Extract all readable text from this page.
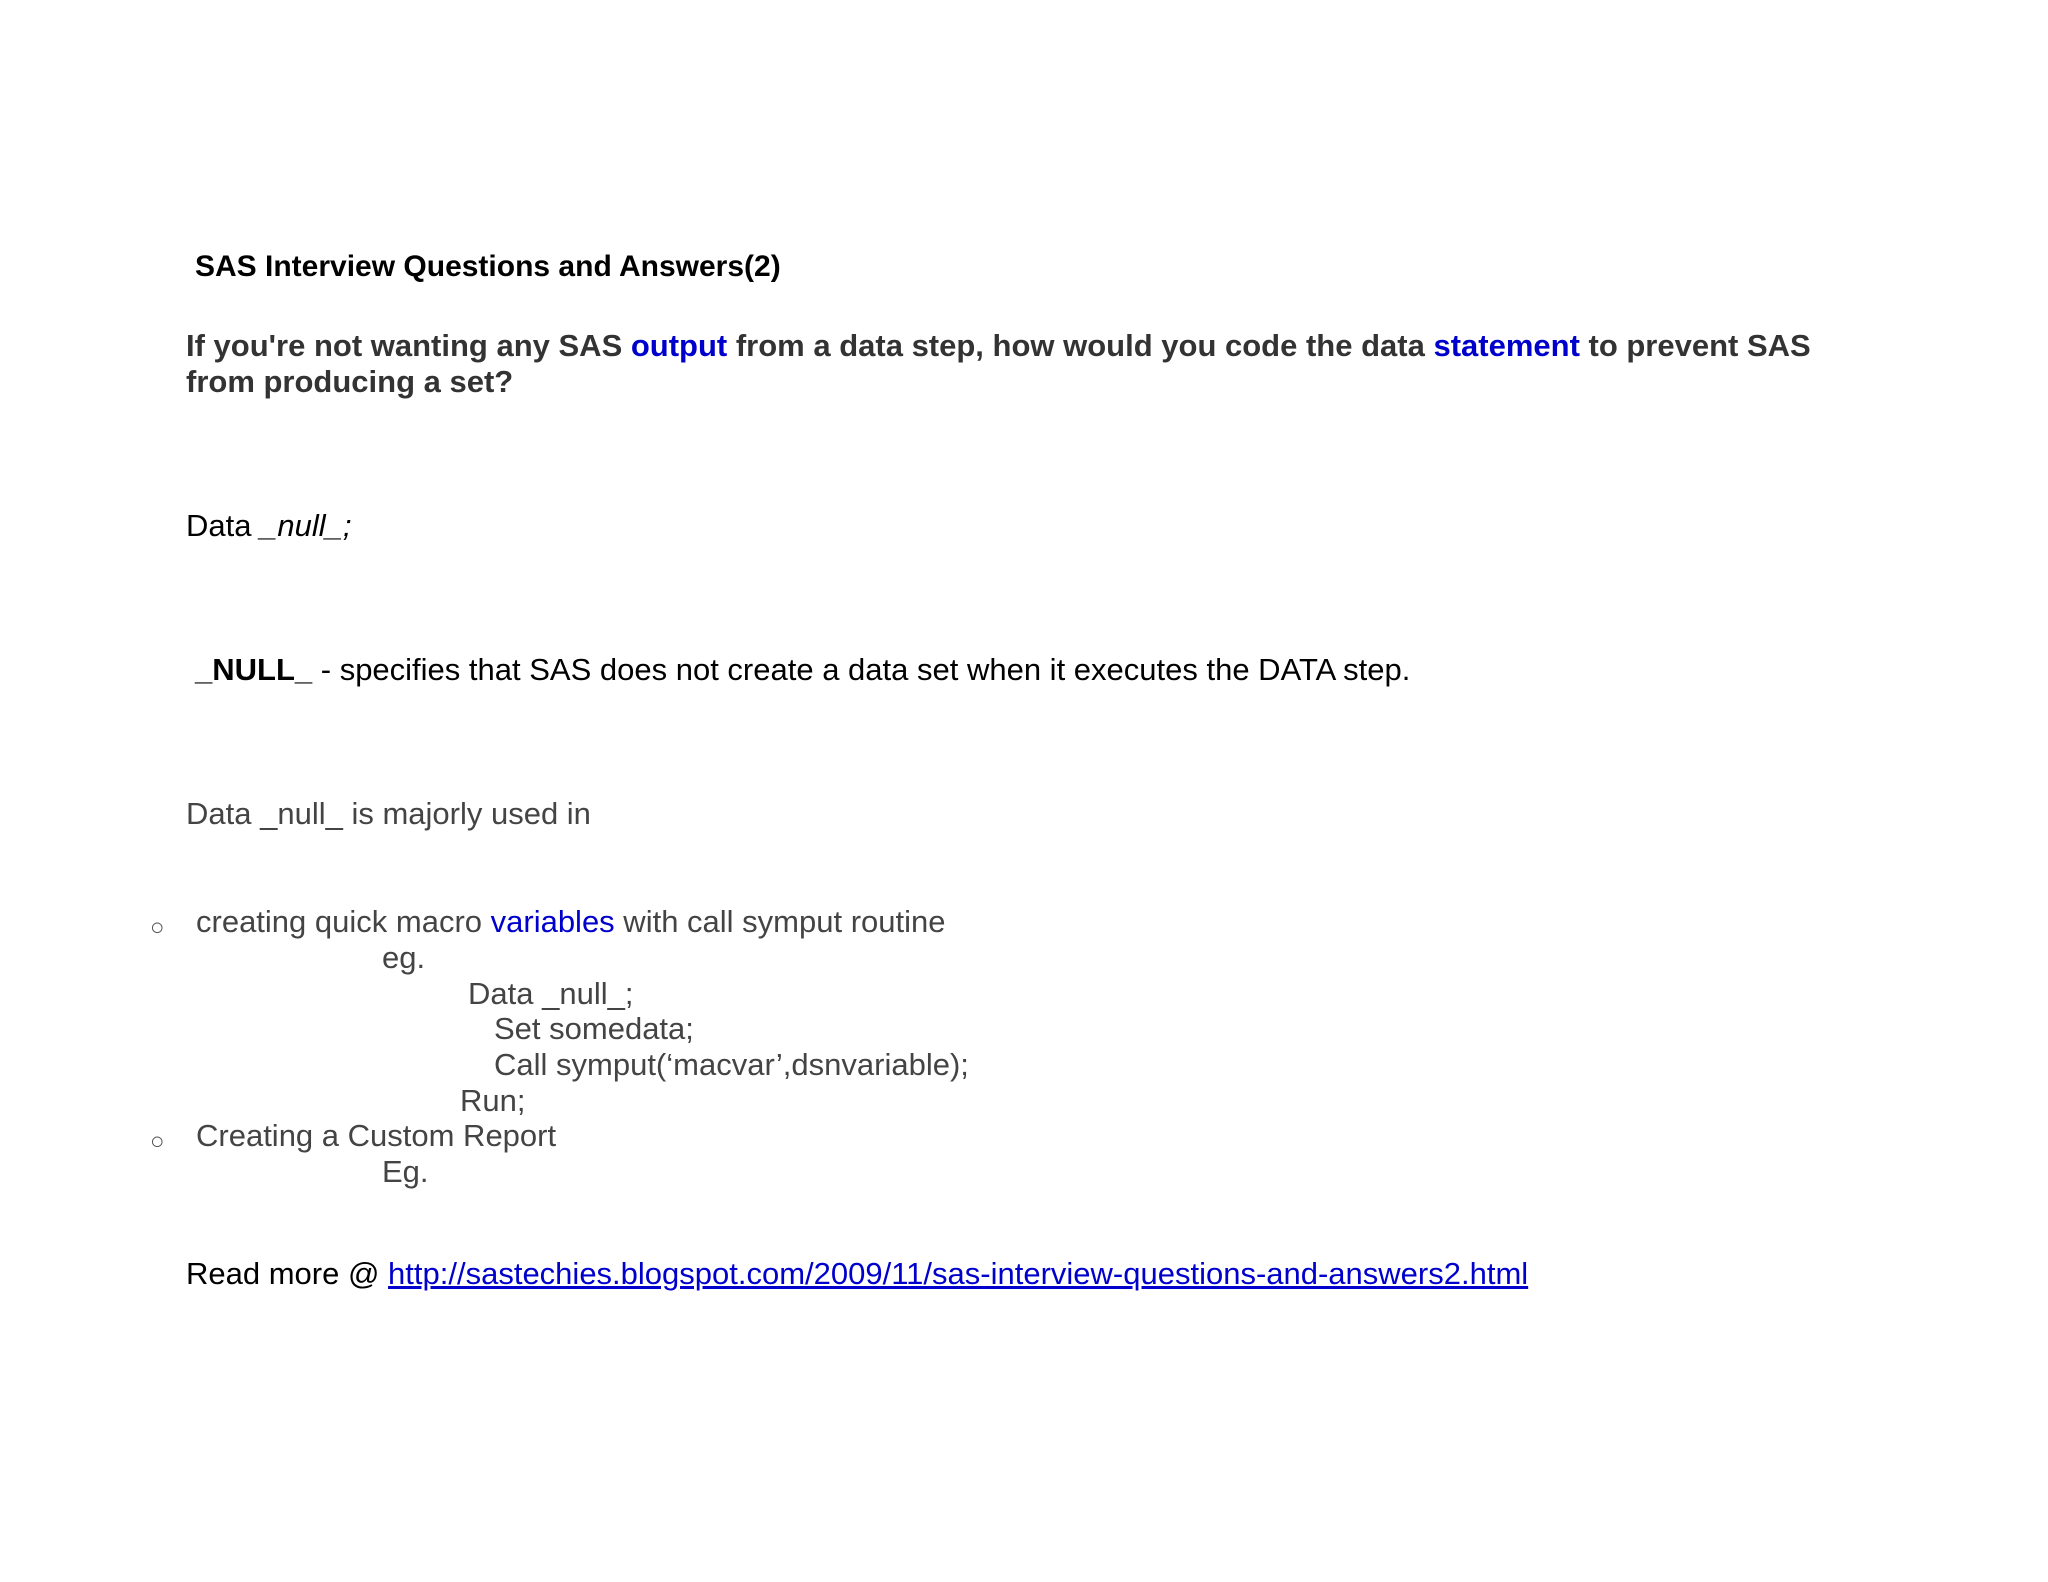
SAS Interview Questions and Answers(2)
If you're not wanting any SAS output from a data step, how would you code the data statement to prevent SAS from producing a set?
Data _null_;
_NULL_ - specifies that SAS does not create a data set when it executes the DATA step.
Data _null_ is majorly used in
○ creating quick macro variables with call symput routine
eg.
Data _null_;
Set somedata;
Call symput(‘macvar’,dsnvariable);
Run;
○ Creating a Custom Report
Eg.
Read more @ http://sastechies.blogspot.com/2009/11/sas-interview-questions-and-answers2.html
